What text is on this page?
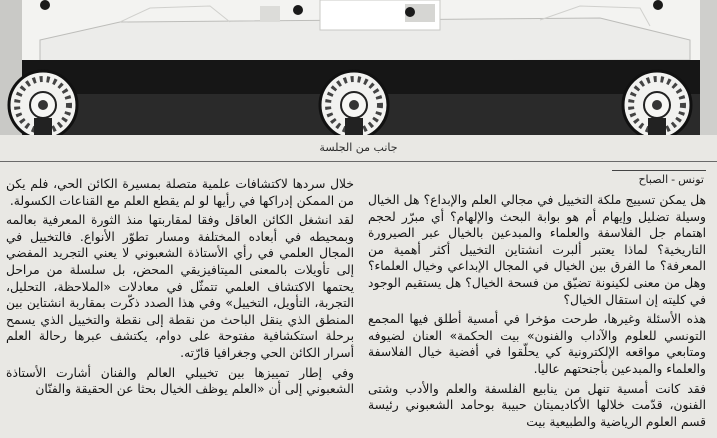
جانب من الجلسة
تونس-الصباح

هل يمكن تسييج ملكة التخييل في مجالي العلم والإبداع؟ هل الخيال وسيلة تضليل وإيهام أم هو بوابة البحث والإلهام؟ أي مبرّر لحجم اهتمام جل الفلاسفة والعلماء والمبدعين بالخيال عبر الصيرورة التاريخية؟ لماذا يعتبر ألبرت انشتاين التخييل أكثر أهمية من المعرفة؟ ما الفرق بين الخيال في المجال الإبداعي وخيال العلماء؟ وهل من معنى لكينونة تضيّق من فسحة الخيال؟ هل يستقيم الوجود في كليته إن استقال الخيال؟

هذه الأسئلة وغيرها، طرحت مؤخرا في أمسية أطلق فيها المجمع التونسي للعلوم والآداب والفنون» بيت الحكمة» العنان لضيوفه ومتابعي مواقعه الإلكترونية كي يحلّقوا في أفضية خيال الفلاسفة والعلماء والمبدعين بأجنحتهم عاليا.

فقد كانت أمسية تنهل من ينابيع الفلسفة والعلم والأدب وشتى الفنون، قدّمت خلالها الأكاديميتان حبيبة بوحامد الشعبوني رئيسة قسم العلوم الرياضية والطبيعية بيت

خلال سردها لاكتشافات علمية متصلة بمسيرة الكائن الحي، فلم يكن من الممكن إدراكها في رأيها لو لم يقطع العلم مع القناعات الكسولة.

لقد انشغل الكائن العاقل وفقا لمقاربتها منذ الثورة المعرفية بعالمه وبمحيطه في أبعاده المختلفة ومسار تطوّر الأنواع. فالتخييل في المجال العلمي في رأي الأستاذة الشعبوني لا يعني التجريد المفضي إلى تأويلات بالمعنى الميتافيزيقي المحض، بل سلسلة من مراحل يحتمها الاكتشاف العلمي تتمثّل في معادلات «الملاحظة، التحليل، التجربة، التأويل، التخييل» وفي هذا الصدد ذكّرت بمقاربة انشتاين بين المنطق الذي ينقل الباحث من نقطة إلى نقطة والتخييل الذي يسمح برحلة استكشافية مفتوحة على دوام، يكتشف عبرها رحالة العلم أسرار الكائن الحي وجغرافيا قارّته.

وفي إطار تمييزها بين تخييلي العالم والفنان أشارت الأستاذة الشعبوني إلى أن «العلم يوظف الخيال بحثا عن الحقيقة والفنّان
